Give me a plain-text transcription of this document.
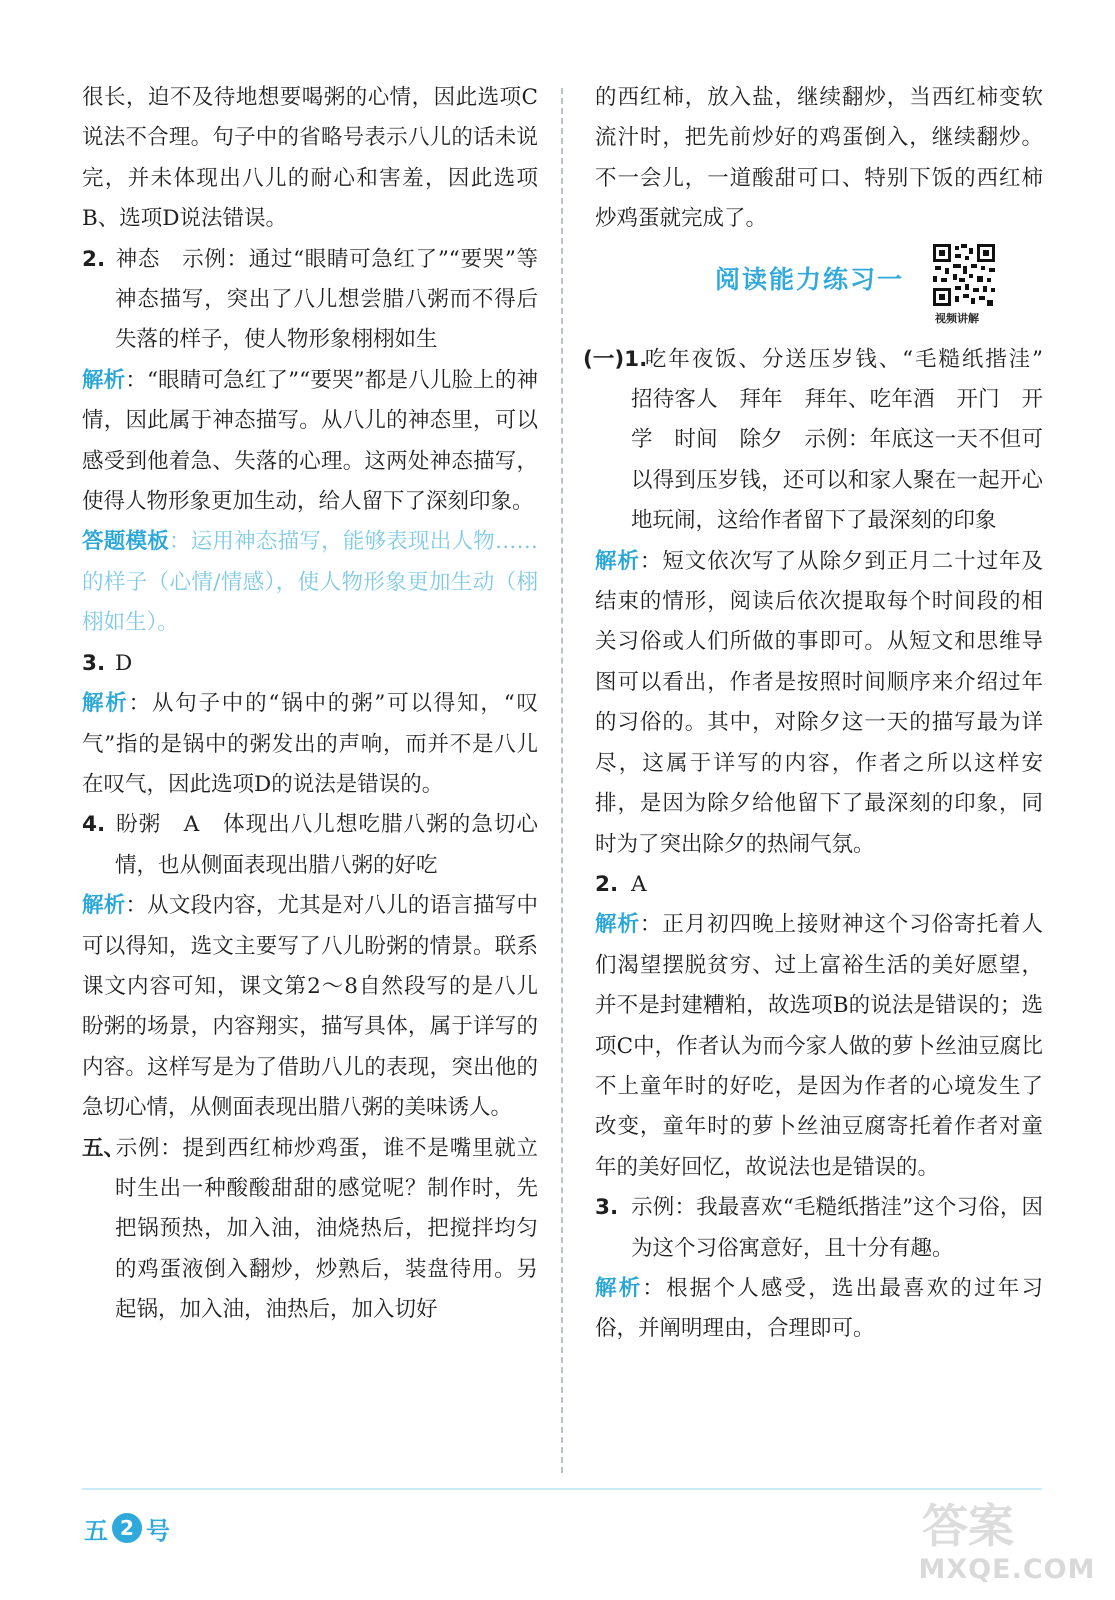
很长，迫不及待地想要喝粥的心情，因此选项C说法不合理。句子中的省略号表示八儿的话未说完，并未体现出八儿的耐心和害羞，因此选项B、选项D说法错误。

2. 神态　示例：通过“眼睛可急红了”“要哭”等神态描写，突出了八儿想尝腊八粥而不得后失落的样子，使人物形象栩栩如生

解析：“眼睛可急红了”“要哭”都是八儿脸上的神情，因此属于神态描写。从八儿的神态里，可以感受到他着急、失落的心理。这两处神态描写，使得人物形象更加生动，给人留下了深刻印象。

答题模板：运用神态描写，能够表现出人物……的样子（心情/情感），使人物形象更加生动（栩栩如生）。

3. D

解析：从句子中的“锅中的粥”可以得知，“叹气”指的是锅中的粥发出的声响，而并不是八儿在叹气，因此选项D的说法是错误的。

4. 盼粥　A　体现出八儿想吃腊八粥的急切心情，也从侧面表现出腊八粥的好吃

解析：从文段内容，尤其是对八儿的语言描写中可以得知，选文主要写了八儿盼粥的情景。联系课文内容可知，课文第2～8自然段写的是八儿盼粥的场景，内容翔实，描写具体，属于详写的内容。这样写是为了借助八儿的表现，突出他的急切心情，从侧面表现出腊八粥的美味诱人。

五、示例：提到西红柿炒鸡蛋，谁不是嘴里就立时生出一种酸酸甜甜的感觉呢？制作时，先把锅预热，加入油，油烧热后，把搅拌均匀的鸡蛋液倒入翻炒，炒熟后，装盘待用。另起锅，加入油，油热后，加入切好

的西红柿，放入盐，继续翻炒，当西红柿变软流汁时，把先前炒好的鸡蛋倒入，继续翻炒。不一会儿，一道酸甜可口、特别下饭的西红柿炒鸡蛋就完成了。

阅读能力练习一
视频讲解

(一)1.吃年夜饭、分送压岁钱、“毛糙纸揩洼”　招待客人　拜年　拜年、吃年酒　开门　开学　时间　除夕　示例：年底这一天不但可以得到压岁钱，还可以和家人聚在一起开心地玩闹，这给作者留下了最深刻的印象

解析：短文依次写了从除夕到正月二十过年及结束的情形，阅读后依次提取每个时间段的相关习俗或人们所做的事即可。从短文和思维导图可以看出，作者是按照时间顺序来介绍过年的习俗的。其中，对除夕这一天的描写最为详尽，这属于详写的内容，作者之所以这样安排，是因为除夕给他留下了最深刻的印象，同时为了突出除夕的热闹气氛。

2. A

解析：正月初四晚上接财神这个习俗寄托着人们渴望摆脱贫穷、过上富裕生活的美好愿望，并不是封建糟粕，故选项B的说法是错误的；选项C中，作者认为而今家人做的萝卜丝油豆腐比不上童年时的好吃，是因为作者的心境发生了改变，童年时的萝卜丝油豆腐寄托着作者对童年的美好回忆，故说法也是错误的。

3. 示例：我最喜欢“毛糙纸揩洼”这个习俗，因为这个习俗寓意好，且十分有趣。

解析：根据个人感受，选出最喜欢的过年习俗，并阐明理由，合理即可。

五 2 号	答案
MXQE.COM
